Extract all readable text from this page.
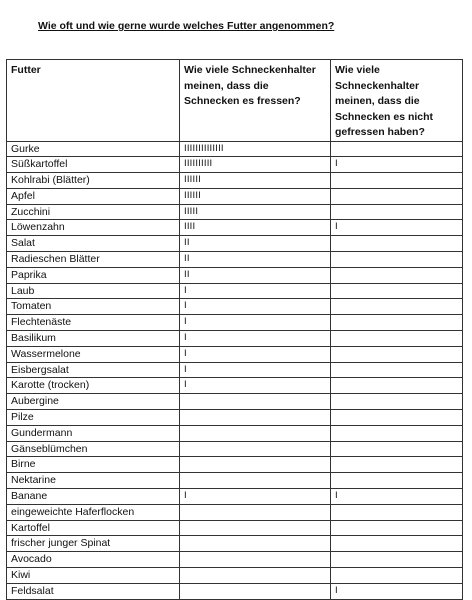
Wie oft und wie gerne wurde welches Futter angenommen?
Futter	Wie viele Schneckenhalter meinen, dass die Schnecken es fressen?	Wie viele Schneckenhalter meinen, dass die Schnecken es nicht gefressen haben?
Gurke	IIIIIIIIIIIIII	
Süßkartoffel	IIIIIIIIII	I
Kohlrabi (Blätter)	IIIIII	
Apfel	IIIIII	
Zucchini	IIIII	
Löwenzahn	IIII	I
Salat	II	
Radieschen Blätter	II	
Paprika	II	
Laub	I	
Tomaten	I	
Flechtenäste	I	
Basilikum	I	
Wassermelone	I	
Eisbergsalat	I	
Karotte (trocken)	I	
Aubergine		
Pilze		
Gundermann		
Gänseblümchen		
Birne		
Nektarine		
Banane	I	I
eingeweichte Haferflocken		
Kartoffel		
frischer junger Spinat		
Avocado		
Kiwi		
Feldsalat		I
